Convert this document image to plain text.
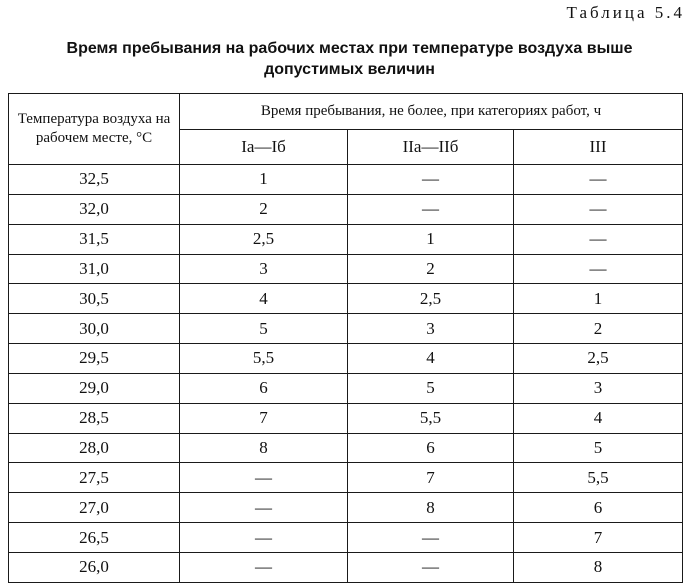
Таблица 5.4
Время пребывания на рабочих местах при температуре воздуха выше
допустимых величин
Температура воздуха на рабочем месте, °С	Время пребывания, не более, при категориях работ, ч		
	Ia—Iб	IIa—IIб	III
32,5	1	—	—
32,0	2	—	—
31,5	2,5	1	—
31,0	3	2	—
30,5	4	2,5	1
30,0	5	3	2
29,5	5,5	4	2,5
29,0	6	5	3
28,5	7	5,5	4
28,0	8	6	5
27,5	—	7	5,5
27,0	—	8	6
26,5	—	—	7
26,0	—	—	8
